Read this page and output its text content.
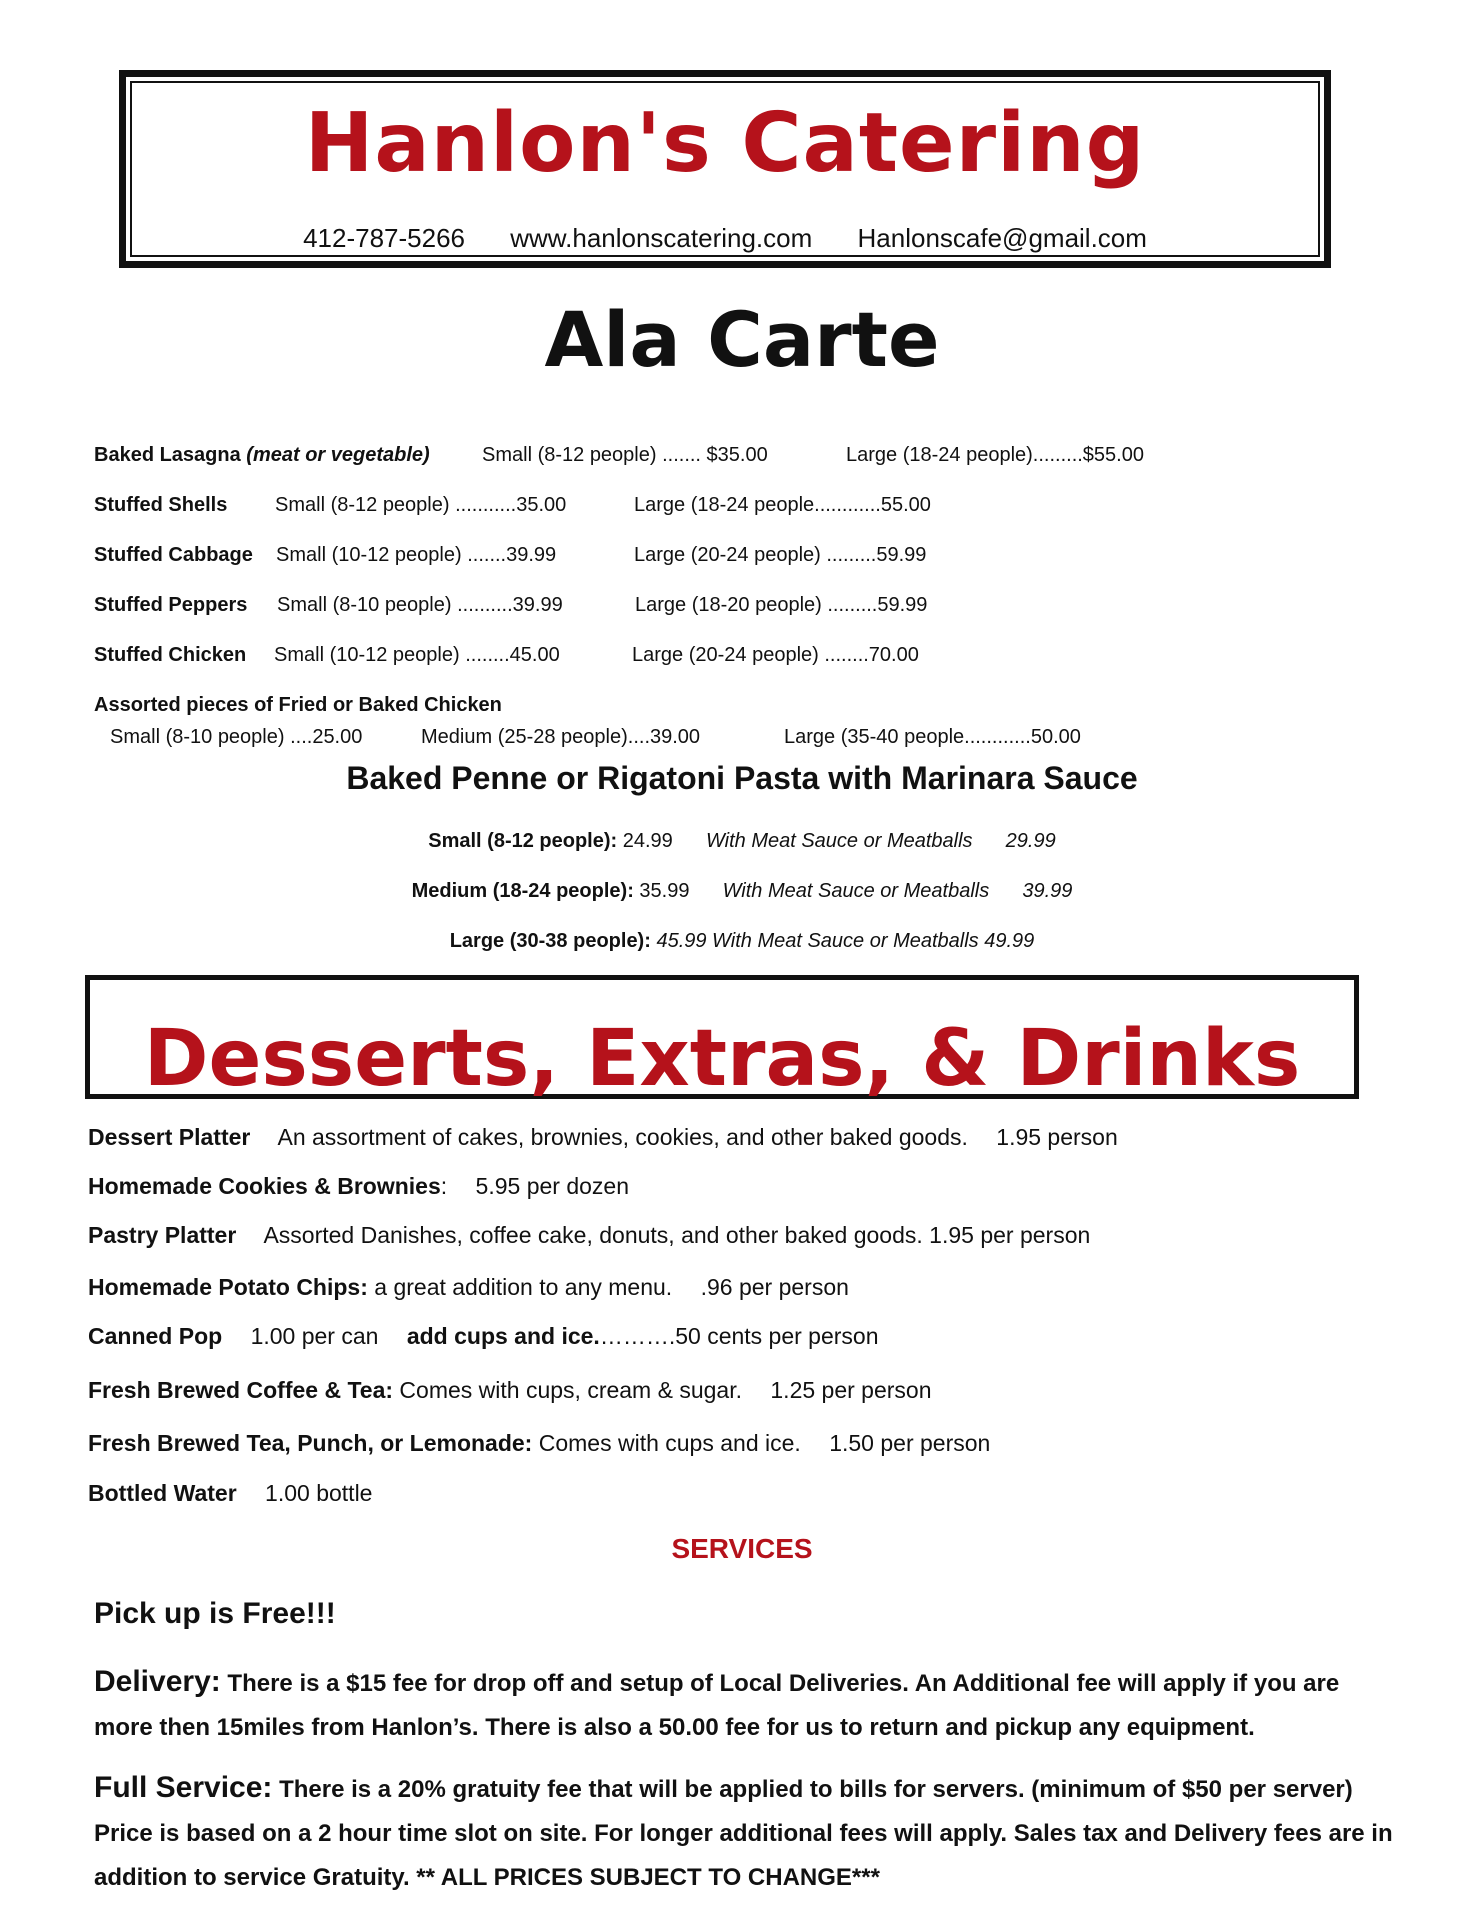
Hanlon's Catering
412-787-5266 www.hanlonscatering.com Hanlonscafe@gmail.com
Ala Carte
Baked Lasagna (meat or vegetable)	Small (8-12 people) ....... $35.00	Large (18-24 people).........$55.00
Stuffed Shells Small (8-12 people) ...........35.00	Large (18-24 people............55.00
Stuffed Cabbage Small (10-12 people) .......39.99	Large (20-24 people) .........59.99
Stuffed Peppers Small (8-10 people) ..........39.99	Large (18-20 people) .........59.99
Stuffed Chicken Small (10-12 people) ........45.00	Large (20-24 people) ........70.00
Assorted pieces of Fried or Baked Chicken
Small (8-10 people) ....25.00	Medium (25-28 people)....39.00	Large (35-40 people............50.00
Baked Penne or Rigatoni Pasta with Marinara Sauce
Small (8-12 people): 24.99 With Meat Sauce or Meatballs 29.99
Medium (18-24 people): 35.99 With Meat Sauce or Meatballs 39.99
Large (30-38 people): 45.99 With Meat Sauce or Meatballs 49.99
Desserts, Extras, & Drinks
Dessert Platter An assortment of cakes, brownies, cookies, and other baked goods. 1.95 person
Homemade Cookies & Brownies: 5.95 per dozen
Pastry Platter Assorted Danishes, coffee cake, donuts, and other baked goods. 1.95 per person
Homemade Potato Chips: a great addition to any menu. .96 per person
Canned Pop 1.00 per can add cups and ice.……….50 cents per person
Fresh Brewed Coffee & Tea: Comes with cups, cream & sugar. 1.25 per person
Fresh Brewed Tea, Punch, or Lemonade: Comes with cups and ice. 1.50 per person
Bottled Water 1.00 bottle
SERVICES
Pick up is Free!!!
Delivery: There is a $15 fee for drop off and setup of Local Deliveries. An Additional fee will apply if you are more then 15miles from Hanlon’s. There is also a 50.00 fee for us to return and pickup any equipment.
Full Service: There is a 20% gratuity fee that will be applied to bills for servers. (minimum of $50 per server) Price is based on a 2 hour time slot on site. For longer additional fees will apply. Sales tax and Delivery fees are in addition to service Gratuity. ** ALL PRICES SUBJECT TO CHANGE***
